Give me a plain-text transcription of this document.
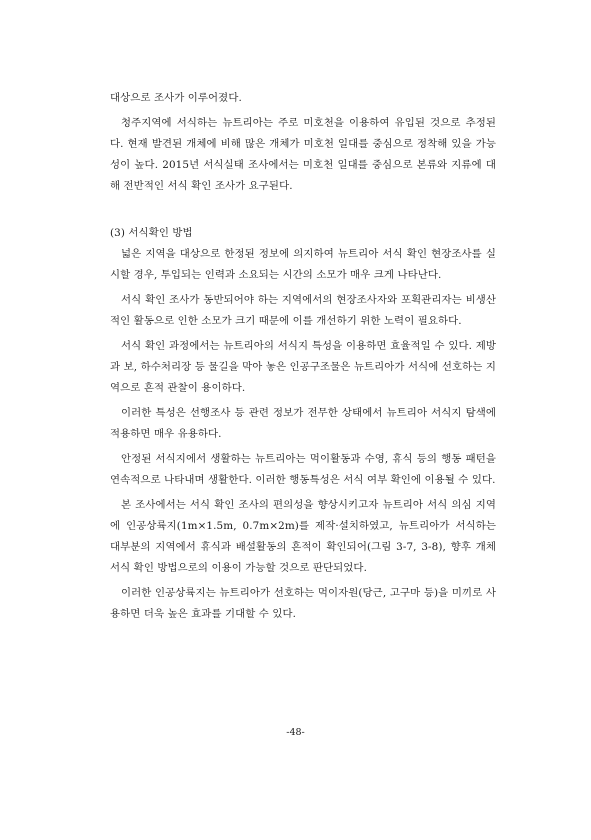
대상으로 조사가 이루어졌다.

청주지역에 서식하는 뉴트리아는 주로 미호천을 이용하여 유입된 것으로 추정된다. 현재 발견된 개체에 비해 많은 개체가 미호천 일대를 중심으로 정착해 있을 가능성이 높다. 2015년 서식실태 조사에서는 미호천 일대를 중심으로 본류와 지류에 대해 전반적인 서식 확인 조사가 요구된다.

(3) 서식확인 방법

넓은 지역을 대상으로 한정된 정보에 의지하여 뉴트리아 서식 확인 현장조사를 실시할 경우, 투입되는 인력과 소요되는 시간의 소모가 매우 크게 나타난다.

서식 확인 조사가 동반되어야 하는 지역에서의 현장조사자와 포획관리자는 비생산적인 활동으로 인한 소모가 크기 때문에 이를 개선하기 위한 노력이 필요하다.

서식 확인 과정에서는 뉴트리아의 서식지 특성을 이용하면 효율적일 수 있다. 제방과 보, 하수처리장 등 물길을 막아 놓은 인공구조물은 뉴트리아가 서식에 선호하는 지역으로 흔적 관찰이 용이하다.

이러한 특성은 선행조사 등 관련 정보가 전무한 상태에서 뉴트리아 서식지 탐색에 적용하면 매우 유용하다.

안정된 서식지에서 생활하는 뉴트리아는 먹이활동과 수영, 휴식 등의 행동 패턴을 연속적으로 나타내며 생활한다. 이러한 행동특성은 서식 여부 확인에 이용될 수 있다.

본 조사에서는 서식 확인 조사의 편의성을 향상시키고자 뉴트리아 서식 의심 지역에 인공상륙지(1m×1.5m, 0.7m×2m)를 제작·설치하였고, 뉴트리아가 서식하는 대부분의 지역에서 휴식과 배설활동의 흔적이 확인되어(그림 3-7, 3-8), 향후 개체 서식 확인 방법으로의 이용이 가능할 것으로 판단되었다.

이러한 인공상륙지는 뉴트리아가 선호하는 먹이자원(당근, 고구마 등)을 미끼로 사용하면 더욱 높은 효과를 기대할 수 있다.

-48-
